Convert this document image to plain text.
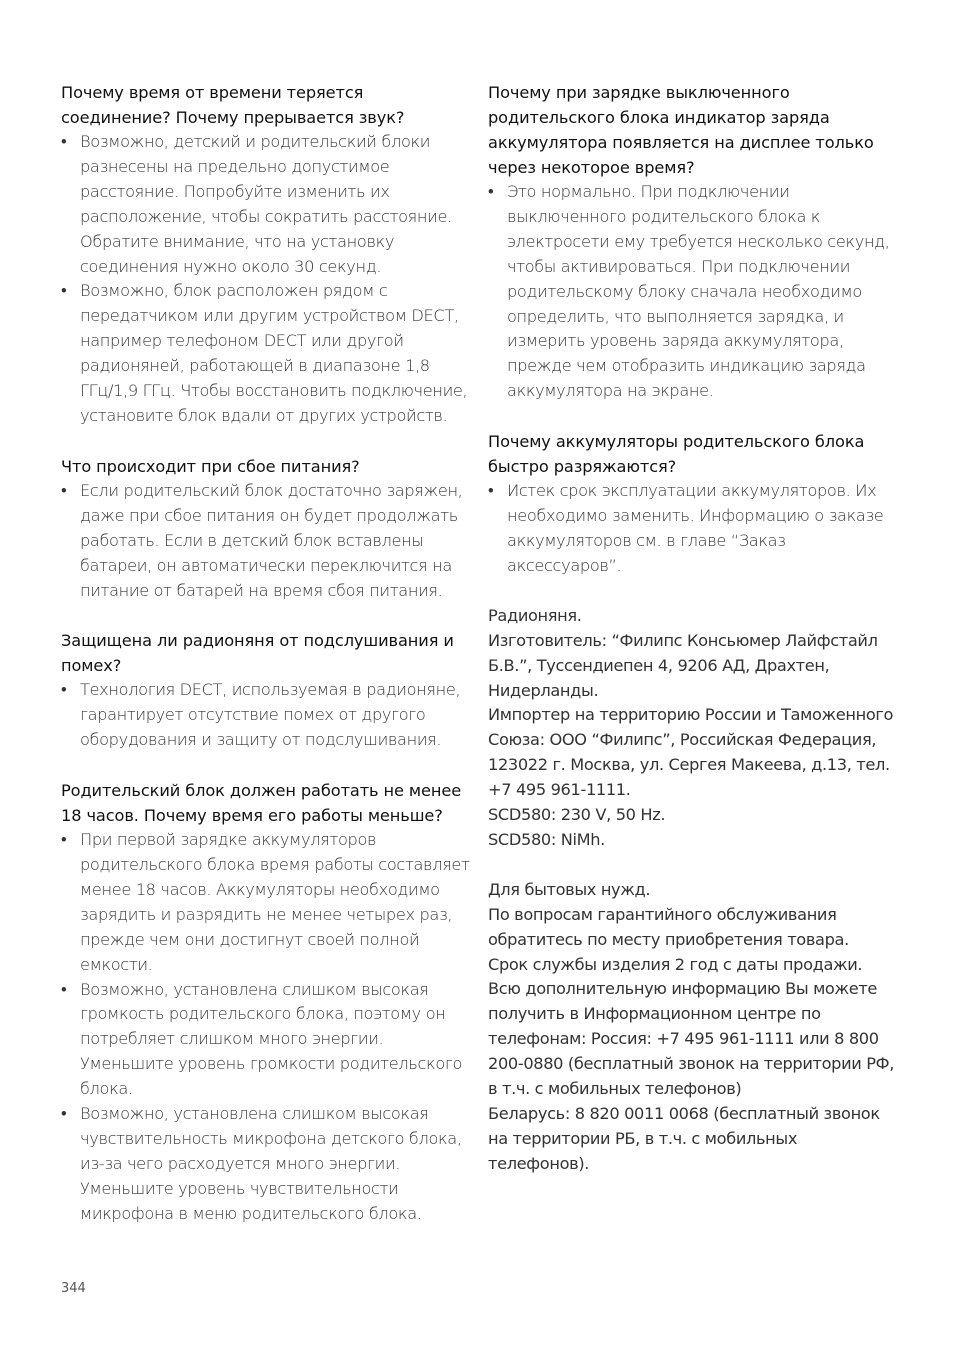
Почему время от времени теряется соединение? Почему прерывается звук?
• Возможно, детский и родительский блоки разнесены на предельно допустимое расстояние. Попробуйте изменить их расположение, чтобы сократить расстояние. Обратите внимание, что на установку соединения нужно около 30 секунд.
• Возможно, блок расположен рядом с передатчиком или другим устройством DECT, например телефоном DECT или другой радионяней, работающей в диапазоне 1,8 ГГц/1,9 ГГц. Чтобы восстановить подключение, установите блок вдали от других устройств.
Что происходит при сбое питания?
• Если родительский блок достаточно заряжен, даже при сбое питания он будет продолжать работать. Если в детский блок вставлены батареи, он автоматически переключится на питание от батарей на время сбоя питания.
Защищена ли радионяня от подслушивания и помех?
• Технология DECT, используемая в радионяне, гарантирует отсутствие помех от другого оборудования и защиту от подслушивания.
Родительский блок должен работать не менее 18 часов. Почему время его работы меньше?
• При первой зарядке аккумуляторов родительского блока время работы составляет менее 18 часов. Аккумуляторы необходимо зарядить и разрядить не менее четырех раз, прежде чем они достигнут своей полной емкости.
• Возможно, установлена слишком высокая громкость родительского блока, поэтому он потребляет слишком много энергии. Уменьшите уровень громкости родительского блока.
• Возможно, установлена слишком высокая чувствительность микрофона детского блока, из-за чего расходуется много энергии. Уменьшите уровень чувствительности микрофона в меню родительского блока.
Почему при зарядке выключенного родительского блока индикатор заряда аккумулятора появляется на дисплее только через некоторое время?
• Это нормально. При подключении выключенного родительского блока к электросети ему требуется несколько секунд, чтобы активироваться. При подключении родительскому блоку сначала необходимо определить, что выполняется зарядка, и измерить уровень заряда аккумулятора, прежде чем отобразить индикацию заряда аккумулятора на экране.
Почему аккумуляторы родительского блока быстро разряжаются?
• Истек срок эксплуатации аккумуляторов. Их необходимо заменить. Информацию о заказе аккумуляторов см. в главе “Заказ аксессуаров”.

Радионяня.

Изготовитель: “Филипс Консьюмер Лайфстайл Б.В.”, Туссендиепен 4, 9206 АД, Драхтен, Нидерланды.

Импортер на территорию России и Таможенного Союза: ООО “Филипс”, Российская Федерация, 123022 г. Москва, ул. Сергея Макеева, д.13, тел. +7 495 961-1111.

SCD580: 230 V, 50 Hz.

SCD580: NiMh.

Для бытовых нужд.

По вопросам гарантийного обслуживания обратитесь по месту приобретения товара.

Срок службы изделия 2 год с даты продажи.

Всю дополнительную информацию Вы можете получить в Информационном центре по телефонам: Россия: +7 495 961-1111 или 8 800 200-0880 (бесплатный звонок на территории РФ, в т.ч. с мобильных телефонов)

Беларусь: 8 820 0011 0068 (бесплатный звонок на территории РБ, в т.ч. с мобильных телефонов).

344
